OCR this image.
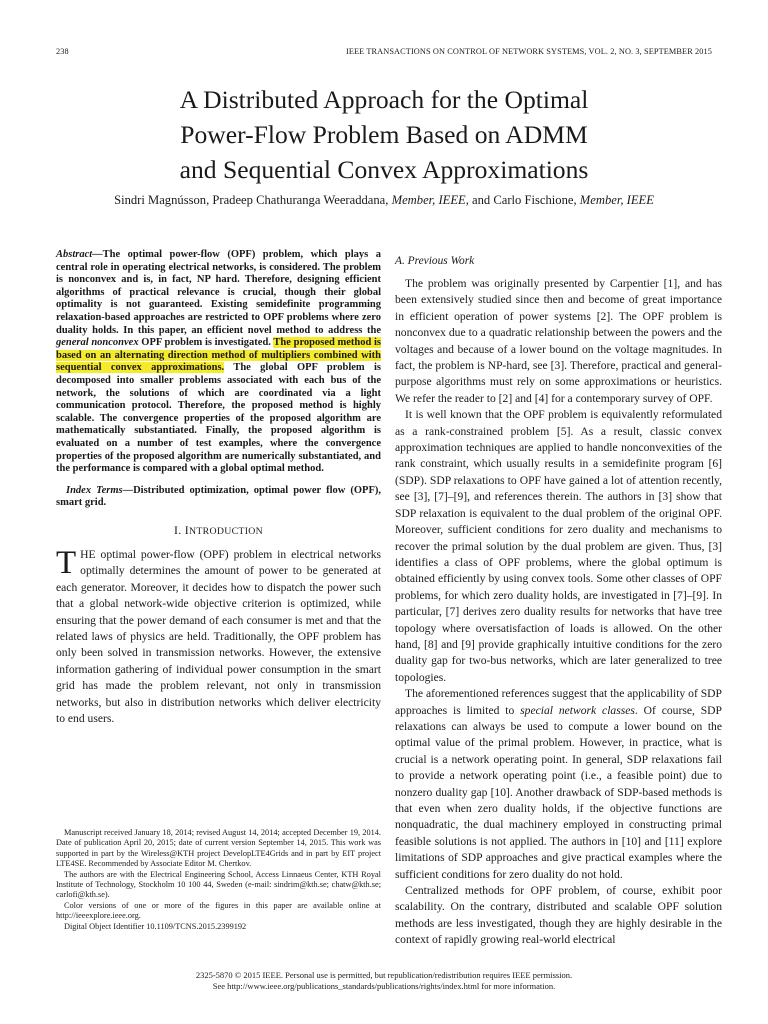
238	IEEE TRANSACTIONS ON CONTROL OF NETWORK SYSTEMS, VOL. 2, NO. 3, SEPTEMBER 2015
A Distributed Approach for the Optimal
Power-Flow Problem Based on ADMM
and Sequential Convex Approximations
Sindri Magnússon, Pradeep Chathuranga Weeraddana, Member, IEEE, and Carlo Fischione, Member, IEEE
Abstract—The optimal power-flow (OPF) problem, which plays a central role in operating electrical networks, is considered. The problem is nonconvex and is, in fact, NP hard. Therefore, designing efficient algorithms of practical relevance is crucial, though their global optimality is not guaranteed. Existing semidefinite programming relaxation-based approaches are restricted to OPF problems where zero duality holds. In this paper, an efficient novel method to address the general nonconvex OPF problem is investigated. The proposed method is based on an alternating direction method of multipliers combined with sequential convex approximations. The global OPF problem is decomposed into smaller problems associated with each bus of the network, the solutions of which are coordinated via a light communication protocol. Therefore, the proposed method is highly scalable. The convergence properties of the proposed algorithm are mathematically substantiated. Finally, the proposed algorithm is evaluated on a number of test examples, where the convergence properties of the proposed algorithm are numerically substantiated, and the performance is compared with a global optimal method.
Index Terms—Distributed optimization, optimal power flow (OPF), smart grid.
I. INTRODUCTION

THE optimal power-flow (OPF) problem in electrical networks optimally determines the amount of power to be generated at each generator. Moreover, it decides how to dispatch the power such that a global network-wide objective criterion is optimized, while ensuring that the power demand of each consumer is met and that the related laws of physics are held. Traditionally, the OPF problem has only been solved in transmission networks. However, the extensive information gathering of individual power consumption in the smart grid has made the problem relevant, not only in transmission networks, but also in distribution networks which deliver electricity to end users.

Manuscript received January 18, 2014; revised August 14, 2014; accepted December 19, 2014. Date of publication April 20, 2015; date of current version September 14, 2015. This work was supported in part by the Wireless@KTH project DevelopLTE4Grids and in part by EIT project LTE4SE. Recommended by Associate Editor M. Chertkov.

The authors are with the Electrical Engineering School, Access Linnaeus Center, KTH Royal Institute of Technology, Stockholm 10 100 44, Sweden (e-mail: sindrim@kth.se; chatw@kth.se; carlofi@kth.se).

Color versions of one or more of the figures in this paper are available online at http://ieeexplore.ieee.org.

Digital Object Identifier 10.1109/TCNS.2015.2399192

A. Previous Work

The problem was originally presented by Carpentier [1], and has been extensively studied since then and become of great importance in efficient operation of power systems [2]. The OPF problem is nonconvex due to a quadratic relationship between the powers and the voltages and because of a lower bound on the voltage magnitudes. In fact, the problem is NP-hard, see [3]. Therefore, practical and general-purpose algorithms must rely on some approximations or heuristics. We refer the reader to [2] and [4] for a contemporary survey of OPF.

It is well known that the OPF problem is equivalently reformulated as a rank-constrained problem [5]. As a result, classic convex approximation techniques are applied to handle nonconvexities of the rank constraint, which usually results in a semidefinite program [6] (SDP). SDP relaxations to OPF have gained a lot of attention recently, see [3], [7]–[9], and references therein. The authors in [3] show that SDP relaxation is equivalent to the dual problem of the original OPF. Moreover, sufficient conditions for zero duality and mechanisms to recover the primal solution by the dual problem are given. Thus, [3] identifies a class of OPF problems, where the global optimum is obtained efficiently by using convex tools. Some other classes of OPF problems, for which zero duality holds, are investigated in [7]–[9]. In particular, [7] derives zero duality results for networks that have tree topology where oversatisfaction of loads is allowed. On the other hand, [8] and [9] provide graphically intuitive conditions for the zero duality gap for two-bus networks, which are later generalized to tree topologies.

The aforementioned references suggest that the applicability of SDP approaches is limited to special network classes. Of course, SDP relaxations can always be used to compute a lower bound on the optimal value of the primal problem. However, in practice, what is crucial is a network operating point. In general, SDP relaxations fail to provide a network operating point (i.e., a feasible point) due to nonzero duality gap [10]. Another drawback of SDP-based methods is that even when zero duality holds, if the objective functions are nonquadratic, the dual machinery employed in constructing primal feasible solutions is not applied. The authors in [10] and [11] explore limitations of SDP approaches and give practical examples where the sufficient conditions for zero duality do not hold.

Centralized methods for OPF problem, of course, exhibit poor scalability. On the contrary, distributed and scalable OPF solution methods are less investigated, though they are highly desirable in the context of rapidly growing real-world electrical

2325-5870 © 2015 IEEE. Personal use is permitted, but republication/redistribution requires IEEE permission.
See http://www.ieee.org/publications_standards/publications/rights/index.html for more information.
